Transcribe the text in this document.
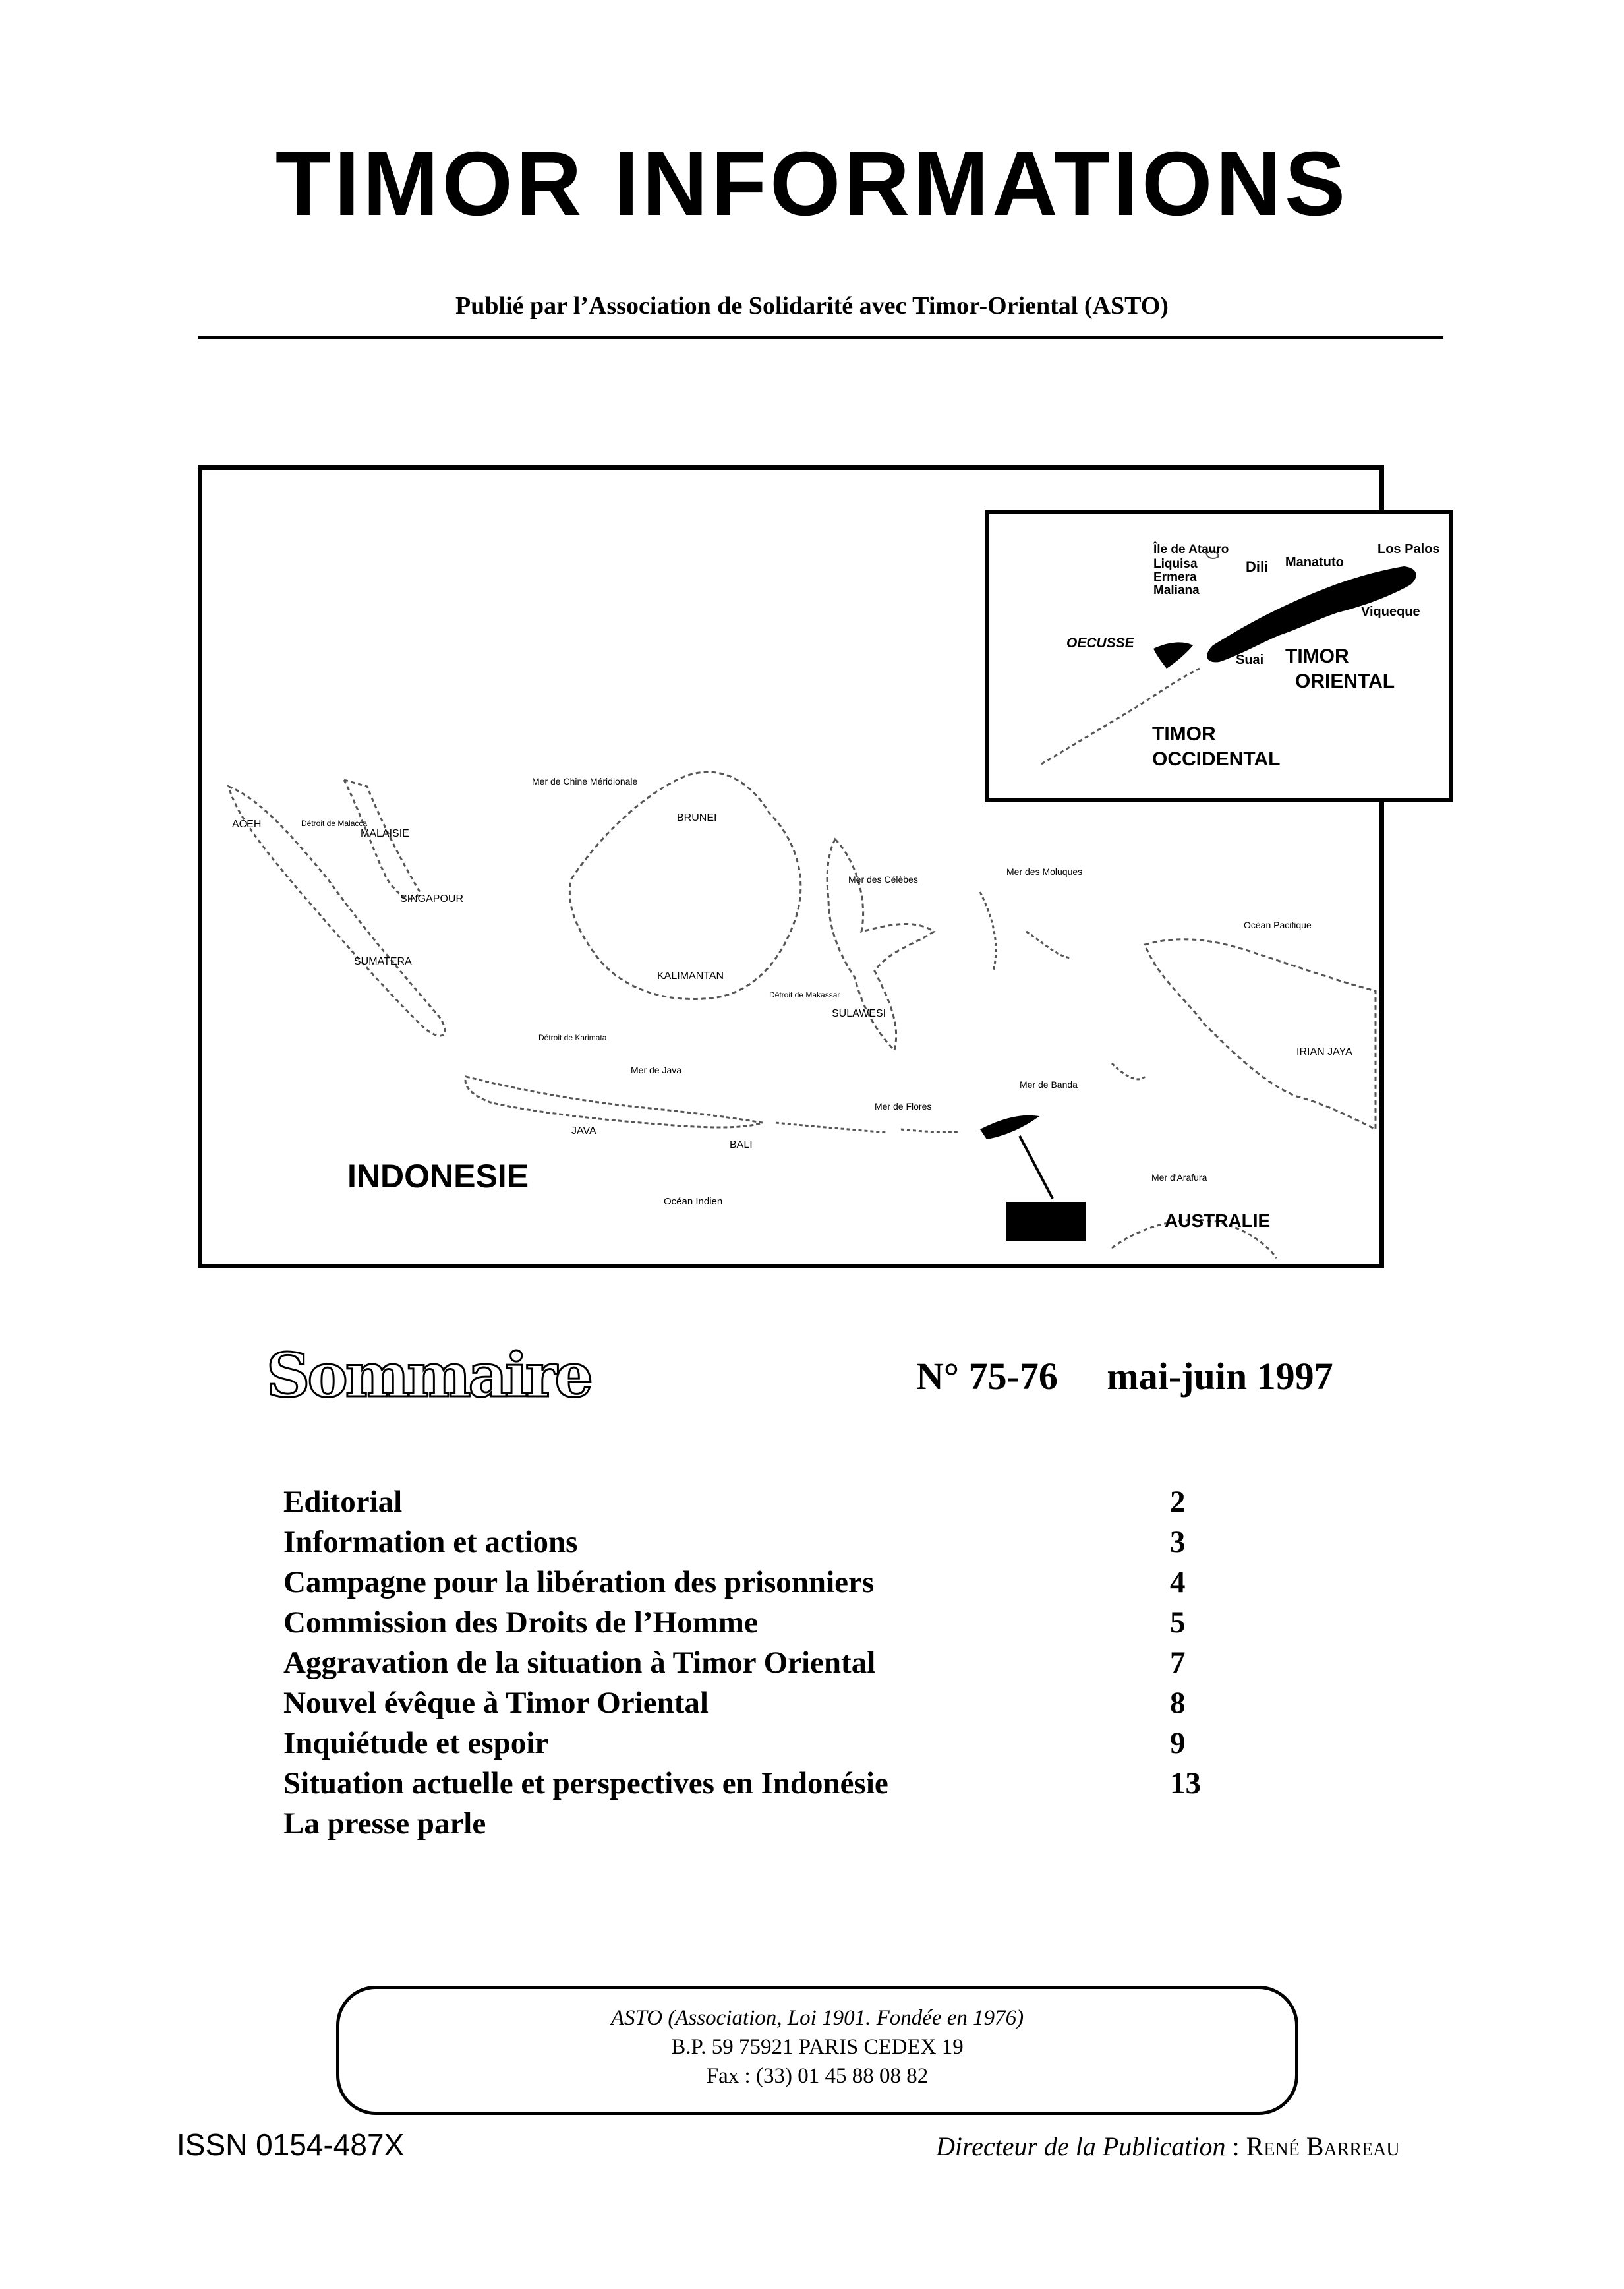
TIMOR INFORMATIONS
Publié par l’Association de Solidarité avec Timor-Oriental (ASTO)
INDONESIE
ACEH
MALAISIE
BRUNEI
SINGAPOUR
SUMATERA
KALIMANTAN
SULAWESI
JAVA
BALI
IRIAN JAYA
AUSTRALIE
Océan Indien
Mer de Java
Océan Pacifique
Mer des Moluques
Mer des Célèbes
Mer de Banda
Mer de Flores
Mer d'Arafura
Mer de Chine Méridionale
Détroit de Malacca
Détroit de Makassar
Détroit de Karimata
Île de Atauro
Liquisa
Ermera
Maliana
Dili Manatuto
Los Palos
Viqueque
Suai
OECUSSE
TIMOR
ORIENTAL
TIMOR
OCCIDENTAL
Sommaire	N° 75-76 mai-juin 1997
Editorial	2
Information et actions	3
Campagne pour la libération des prisonniers	4
Commission des Droits de l’Homme	5
Aggravation de la situation à Timor Oriental	7
Nouvel évêque à Timor Oriental	8
Inquiétude et espoir	9
Situation actuelle et perspectives en Indonésie	13
La presse parle
ASTO (Association, Loi 1901. Fondée en 1976)
B.P. 59 75921 PARIS CEDEX 19
Fax : (33) 01 45 88 08 82
ISSN 0154-487X	Directeur de la Publication : René Barreau
